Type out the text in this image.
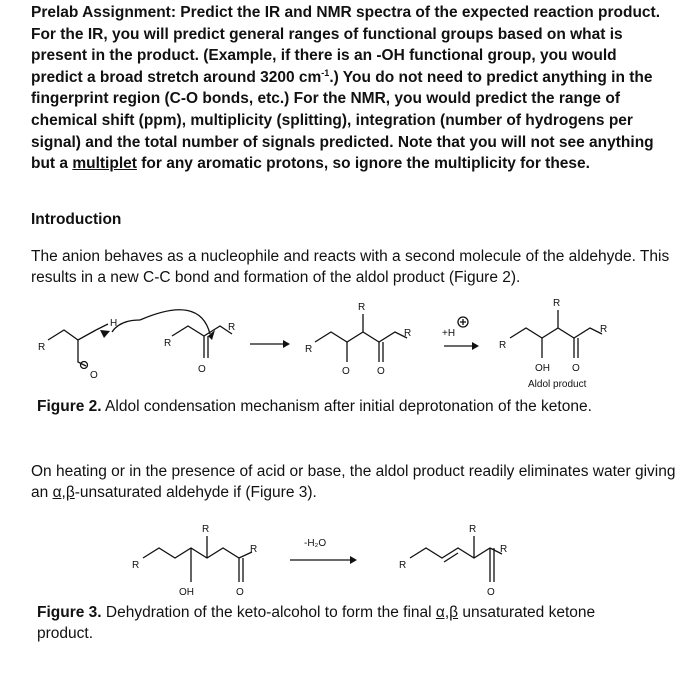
Prelab Assignment: Predict the IR and NMR spectra of the expected reaction product. For the IR, you will predict general ranges of functional groups based on what is present in the product. (Example, if there is an -OH functional group, you would predict a broad stretch around 3200 $cm^{-1}$.) You do not need to predict anything in the fingerprint region (C-O bonds, etc.) For the NMR, you would predict the range of chemical shift (ppm), multiplicity (splitting), integration (number of hydrogens per signal) and the total number of signals predicted. Note that you will not see anything but a multiplet for any aromatic protons, so ignore the multiplicity for these.

Introduction

The anion behaves as a nucleophile and reacts with a second molecule of the aldehyde. This results in a new C-C bond and formation of the aldol product (Figure 2).

R
H
O
R
R
O
R
R
R
O	O
+H
R
R
R
OH O
Aldol product

Figure 2. Aldol condensation mechanism after initial deprotonation of the ketone.

On heating or in the presence of acid or base, the aldol product readily eliminates water giving an α,β-unsaturated aldehyde if (Figure 3).

R
R
R
OH	O
-H₂O
R
R
R
O

Figure 3. Dehydration of the keto-alcohol to form the final α,β unsaturated ketone product.
